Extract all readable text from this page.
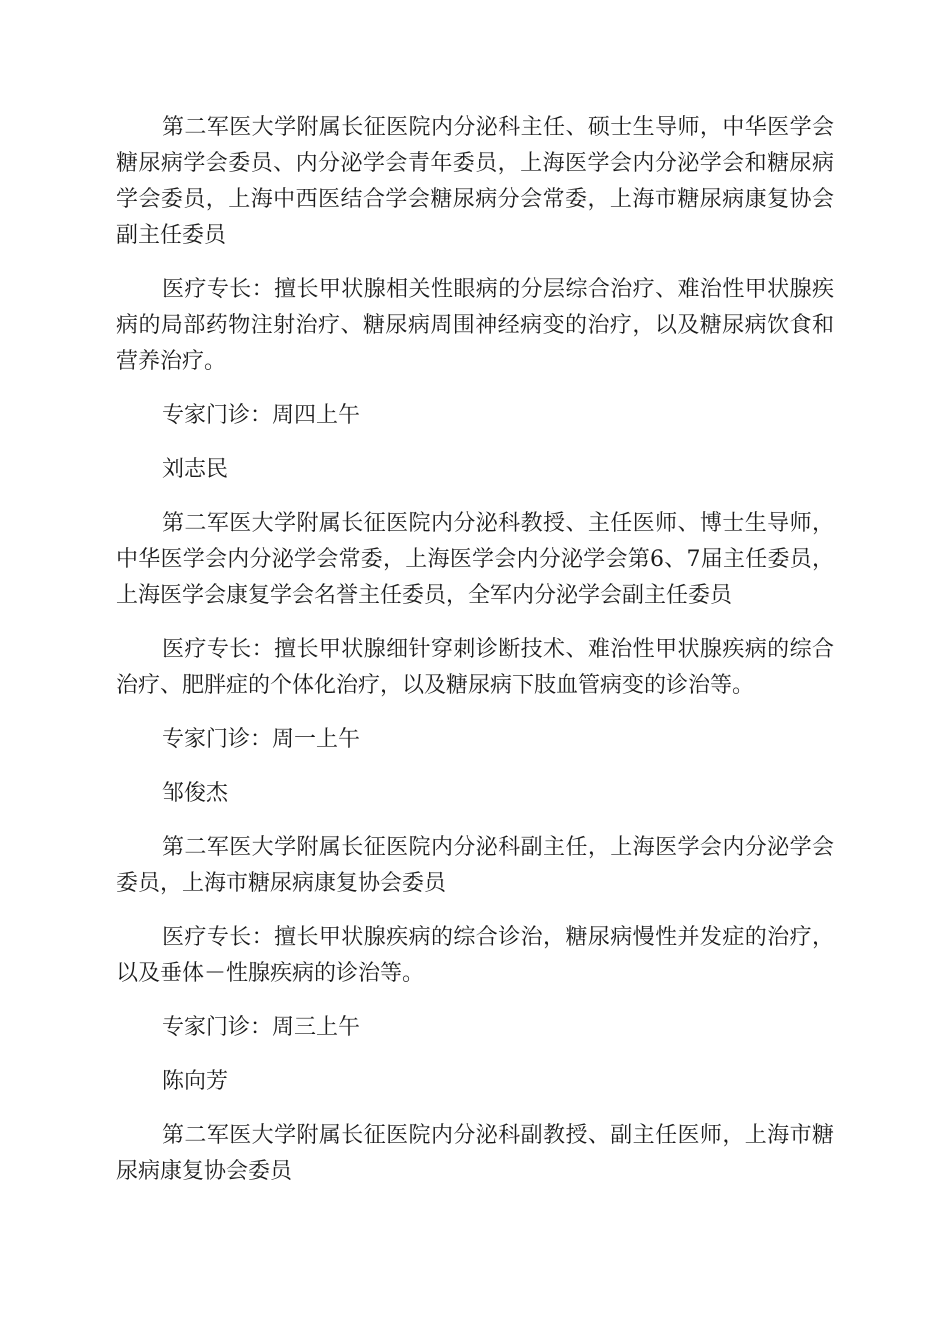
第二军医大学附属长征医院内分泌科主任、硕士生导师，中华医学会糖尿病学会委员、内分泌学会青年委员，上海医学会内分泌学会和糖尿病学会委员，上海中西医结合学会糖尿病分会常委，上海市糖尿病康复协会副主任委员

医疗专长：擅长甲状腺相关性眼病的分层综合治疗、难治性甲状腺疾病的局部药物注射治疗、糖尿病周围神经病变的治疗，以及糖尿病饮食和营养治疗。

专家门诊：周四上午

刘志民

第二军医大学附属长征医院内分泌科教授、主任医师、博士生导师，中华医学会内分泌学会常委，上海医学会内分泌学会第6、7届主任委员，上海医学会康复学会名誉主任委员，全军内分泌学会副主任委员

医疗专长：擅长甲状腺细针穿刺诊断技术、难治性甲状腺疾病的综合治疗、肥胖症的个体化治疗，以及糖尿病下肢血管病变的诊治等。

专家门诊：周一上午

邹俊杰

第二军医大学附属长征医院内分泌科副主任，上海医学会内分泌学会委员，上海市糖尿病康复协会委员

医疗专长：擅长甲状腺疾病的综合诊治，糖尿病慢性并发症的治疗，以及垂体－性腺疾病的诊治等。

专家门诊：周三上午

陈向芳

第二军医大学附属长征医院内分泌科副教授、副主任医师，上海市糖尿病康复协会委员
